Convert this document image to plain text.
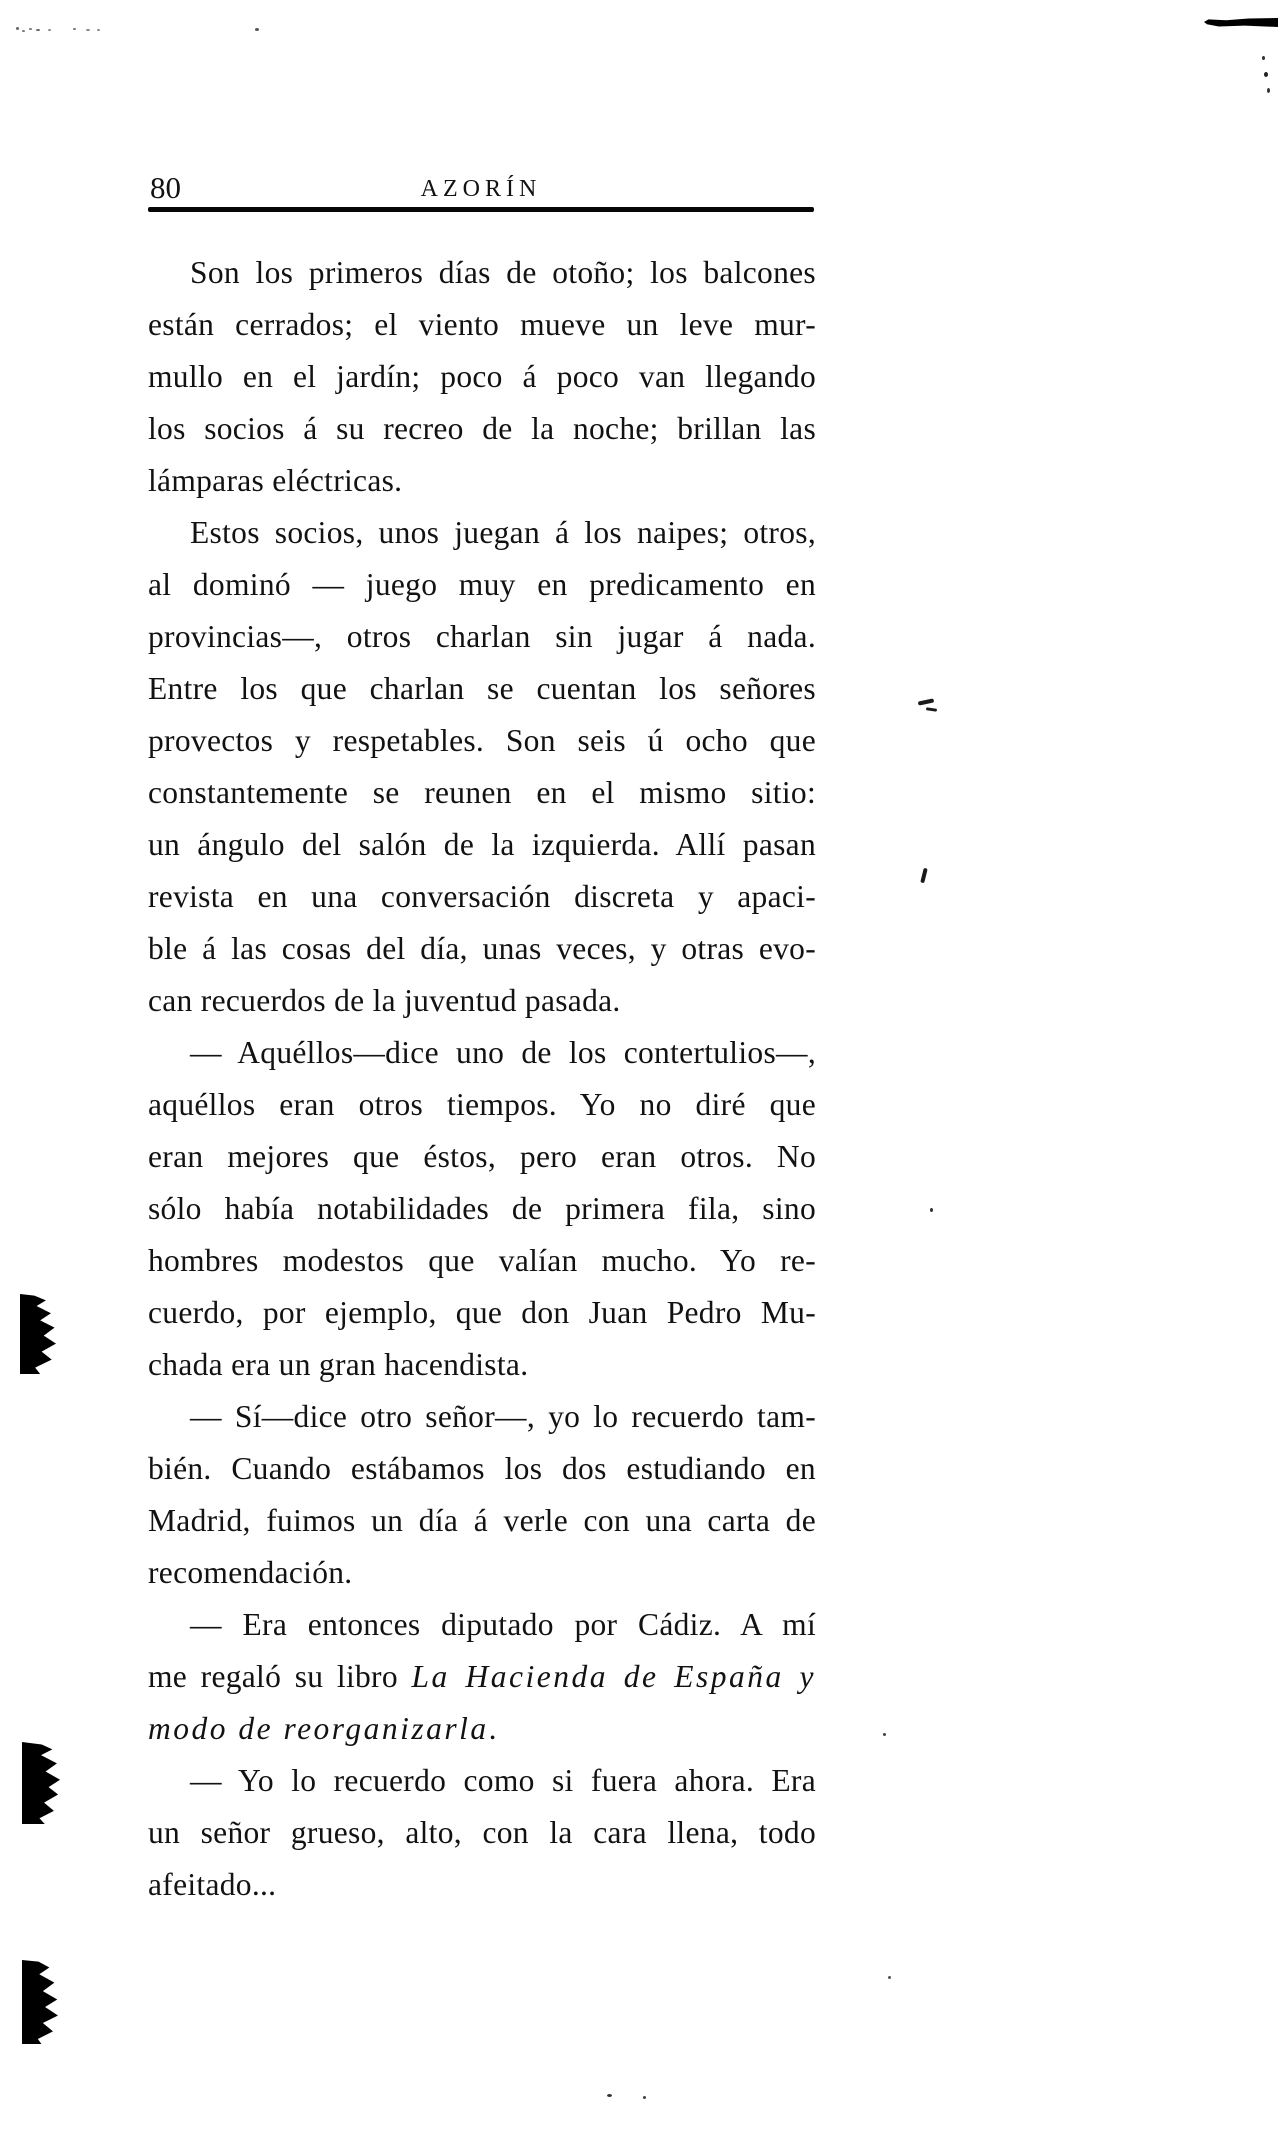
80	AZORÍN
Son los primeros días de otoño; los balcones
están cerrados; el viento mueve un leve mur-
mullo en el jardín; poco á poco van llegando
los socios á su recreo de la noche; brillan las
lámparas eléctricas.
Estos socios, unos juegan á los naipes; otros,
al dominó — juego muy en predicamento en
provincias—, otros charlan sin jugar á nada.
Entre los que charlan se cuentan los señores
provectos y respetables. Son seis ú ocho que
constantemente se reunen en el mismo sitio:
un ángulo del salón de la izquierda. Allí pasan
revista en una conversación discreta y apaci-
ble á las cosas del día, unas veces, y otras evo-
can recuerdos de la juventud pasada.
— Aquéllos—dice uno de los contertulios—,
aquéllos eran otros tiempos. Yo no diré que
eran mejores que éstos, pero eran otros. No
sólo había notabilidades de primera fila, sino
hombres modestos que valían mucho. Yo re-
cuerdo, por ejemplo, que don Juan Pedro Mu-
chada era un gran hacendista.
— Sí—dice otro señor—, yo lo recuerdo tam-
bién. Cuando estábamos los dos estudiando en
Madrid, fuimos un día á verle con una carta de
recomendación.
— Era entonces diputado por Cádiz. A mí
me regaló su libro La Hacienda de España y
modo de reorganizarla.
— Yo lo recuerdo como si fuera ahora. Era
un señor grueso, alto, con la cara llena, todo
afeitado...
